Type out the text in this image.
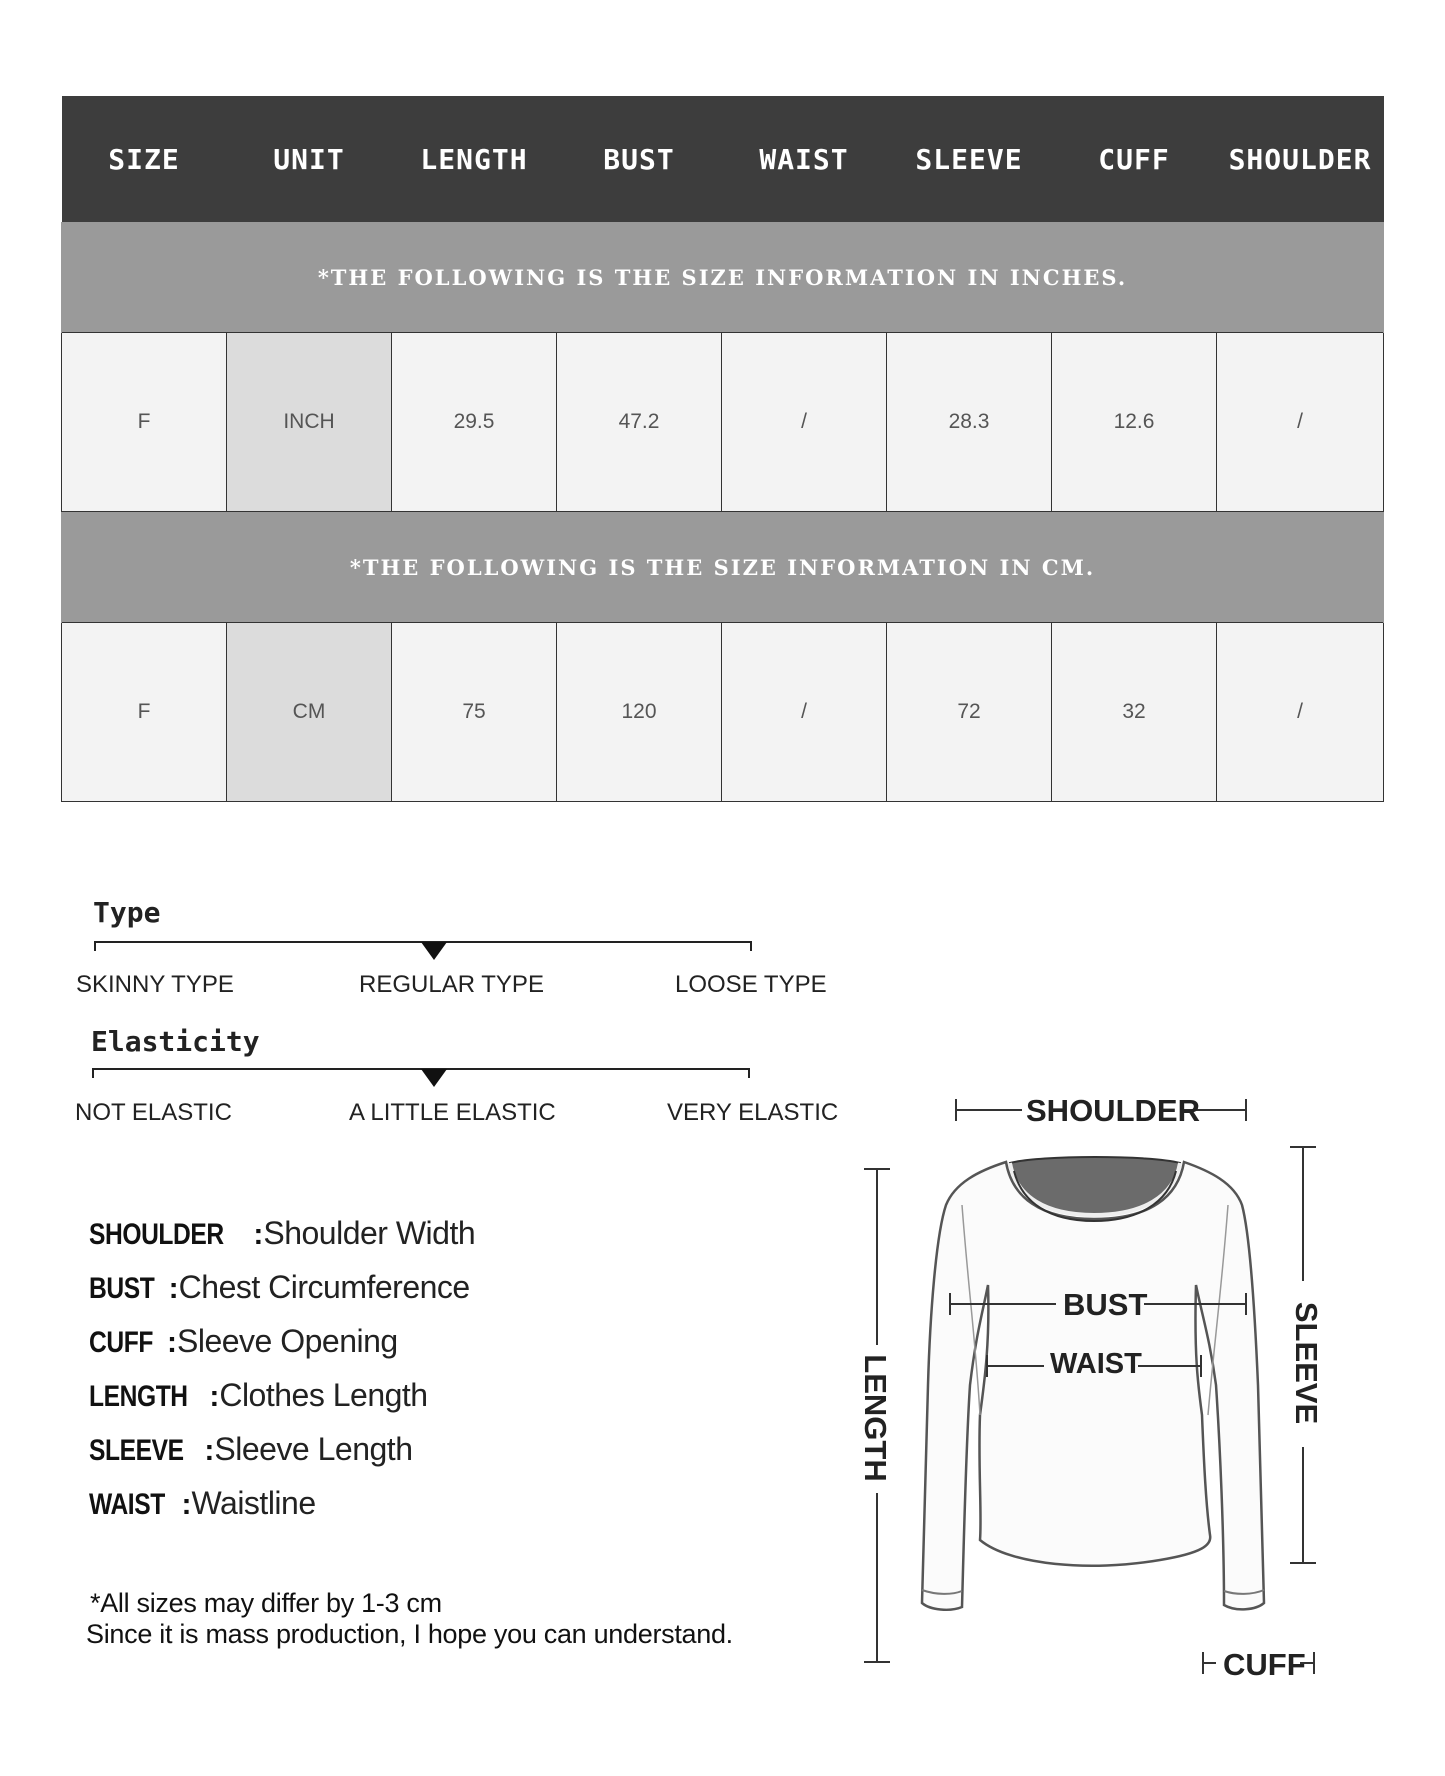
SIZE	UNIT	LENGTH	BUST	WAIST	SLEEVE	CUFF	SHOULDER
*THE FOLLOWING IS THE SIZE INFORMATION IN INCHES.							
F	INCH	29.5	47.2	/	28.3	12.6	/
*THE FOLLOWING IS THE SIZE INFORMATION IN CM.							
F	CM	75	120	/	72	32	/
Type
SKINNY TYPE	REGULAR TYPE	LOOSE TYPE
Elasticity
NOT ELASTIC	A LITTLE ELASTIC	VERY ELASTIC
SHOULDER : Shoulder Width
BUST : Chest Circumference
CUFF : Sleeve Opening
LENGTH : Clothes Length
SLEEVE : Sleeve Length
WAIST : Waistline
*All sizes may differ by 1-3 cm
Since it is mass production, I hope you can understand.
SHOULDER
BUST
WAIST
LENGTH	SLEEVE
CUFF
